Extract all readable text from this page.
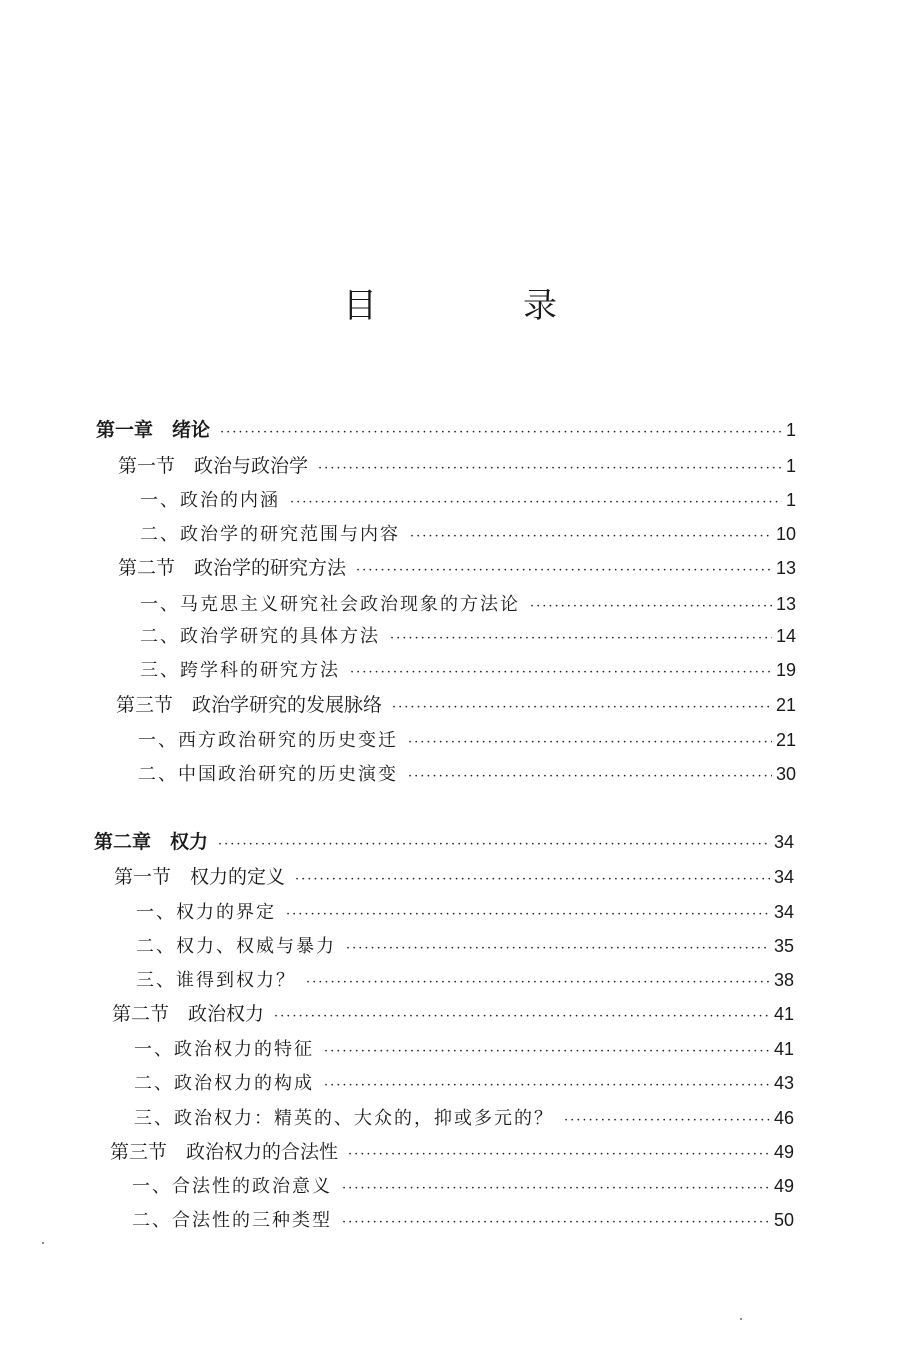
目　录
第一章　绪论 ·····	1
第一节　政治与政治学 ·····	1
一、政治的内涵 ·····	1
二、政治学的研究范围与内容 ·····	10
第二节　政治学的研究方法 ·····	13
一、马克思主义研究社会政治现象的方法论 ·····	13
二、政治学研究的具体方法 ·····	14
三、跨学科的研究方法 ·····	19
第三节　政治学研究的发展脉络 ·····	21
一、西方政治研究的历史变迁 ·····	21
二、中国政治研究的历史演变 ·····	30
第二章　权力 ·····	34
第一节　权力的定义 ·····	34
一、权力的界定 ·····	34
二、权力、权威与暴力 ·····	35
三、谁得到权力？ ·····	38
第二节　政治权力 ·····	41
一、政治权力的特征 ·····	41
二、政治权力的构成 ·····	43
三、政治权力：精英的、大众的，抑或多元的？ ·····	46
第三节　政治权力的合法性 ·····	49
一、合法性的政治意义 ·····	49
二、合法性的三种类型 ·····	50
